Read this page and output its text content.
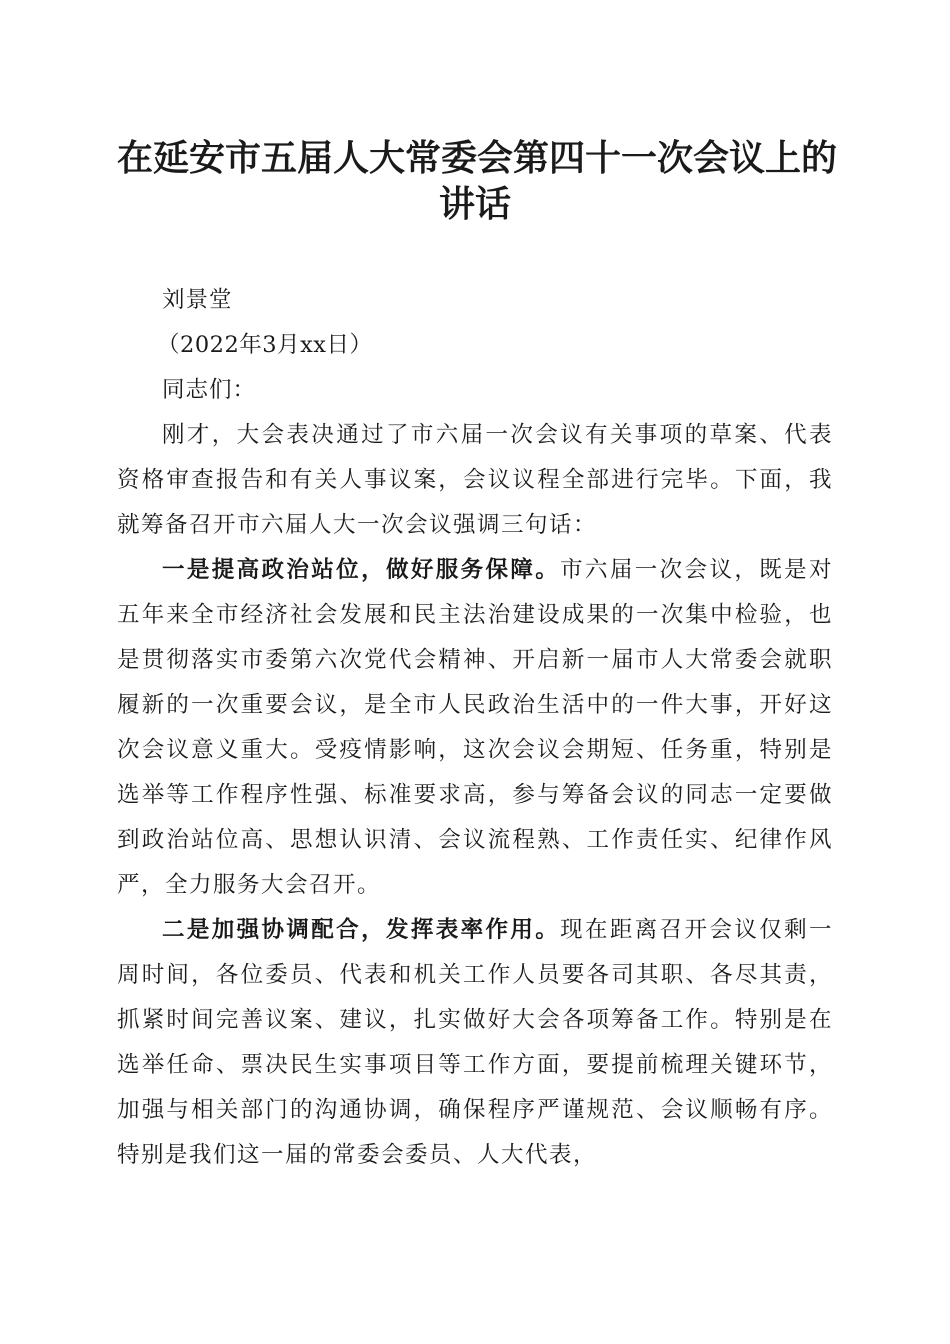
在延安市五届人大常委会第四十一次会议上的
讲话

刘景堂

（2022年3月xx日）

同志们：

刚才，大会表决通过了市六届一次会议有关事项的草案、代表资格审查报告和有关人事议案，会议议程全部进行完毕。下面，我就筹备召开市六届人大一次会议强调三句话：

一是提高政治站位，做好服务保障。市六届一次会议，既是对五年来全市经济社会发展和民主法治建设成果的一次集中检验，也是贯彻落实市委第六次党代会精神、开启新一届市人大常委会就职履新的一次重要会议，是全市人民政治生活中的一件大事，开好这次会议意义重大。受疫情影响，这次会议会期短、任务重，特别是选举等工作程序性强、标准要求高，参与筹备会议的同志一定要做到政治站位高、思想认识清、会议流程熟、工作责任实、纪律作风严，全力服务大会召开。

二是加强协调配合，发挥表率作用。现在距离召开会议仅剩一周时间，各位委员、代表和机关工作人员要各司其职、各尽其责，抓紧时间完善议案、建议，扎实做好大会各项筹备工作。特别是在选举任命、票决民生实事项目等工作方面，要提前梳理关键环节，加强与相关部门的沟通协调，确保程序严谨规范、会议顺畅有序。特别是我们这一届的常委会委员、人大代表，
